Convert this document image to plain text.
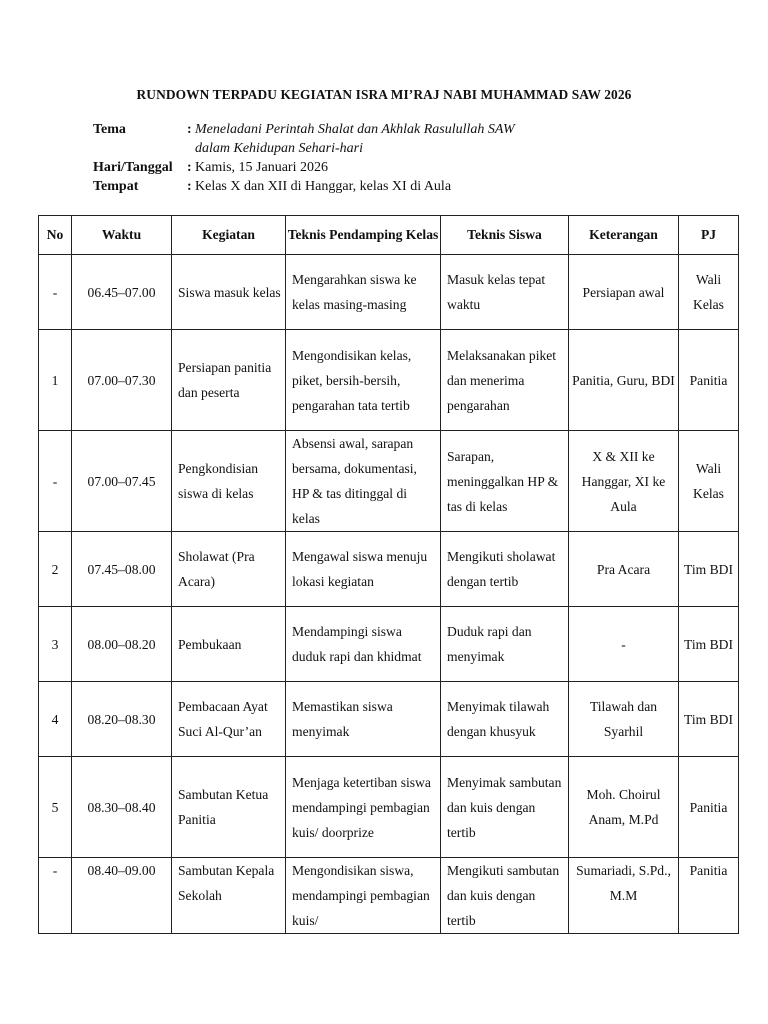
RUNDOWN TERPADU KEGIATAN ISRA MI’RAJ NABI MUHAMMAD SAW 2026
Tema	: Meneladani Perintah Shalat dan Akhlak Rasulullah SAW
dalam Kehidupan Sehari-hari
Hari/Tanggal	: Kamis, 15 Januari 2026
Tempat	: Kelas X dan XII di Hanggar, kelas XI di Aula
No	Waktu	Kegiatan	Teknis Pendamping Kelas	Teknis Siswa	Keterangan	PJ
-	06.45–07.00	Siswa masuk kelas	Mengarahkan siswa ke kelas masing-masing	Masuk kelas tepat waktu	Persiapan awal	Wali Kelas
1	07.00–07.30	Persiapan panitia dan peserta	Mengondisikan kelas, piket, bersih-bersih, pengarahan tata tertib	Melaksanakan piket dan menerima pengarahan	Panitia, Guru, BDI	Panitia
-	07.00–07.45	Pengkondisian siswa di kelas	Absensi awal, sarapan bersama, dokumentasi, HP & tas ditinggal di kelas	Sarapan, meninggalkan HP & tas di kelas	X & XII ke Hanggar, XI ke Aula	Wali Kelas
2	07.45–08.00	Sholawat (Pra Acara)	Mengawal siswa menuju lokasi kegiatan	Mengikuti sholawat dengan tertib	Pra Acara	Tim BDI
3	08.00–08.20	Pembukaan	Mendampingi siswa duduk rapi dan khidmat	Duduk rapi dan menyimak	-	Tim BDI
4	08.20–08.30	Pembacaan Ayat Suci Al-Qur’an	Memastikan siswa menyimak	Menyimak tilawah dengan khusyuk	Tilawah dan Syarhil	Tim BDI
5	08.30–08.40	Sambutan Ketua Panitia	Menjaga ketertiban siswa mendampingi pembagian kuis/ doorprize	Menyimak sambutan dan kuis dengan tertib	Moh. Choirul Anam, M.Pd	Panitia
-	08.40–09.00	Sambutan Kepala Sekolah	Mengondisikan siswa, mendampingi pembagian kuis/	Mengikuti sambutan dan kuis dengan tertib	Sumariadi, S.Pd., M.M	Panitia
